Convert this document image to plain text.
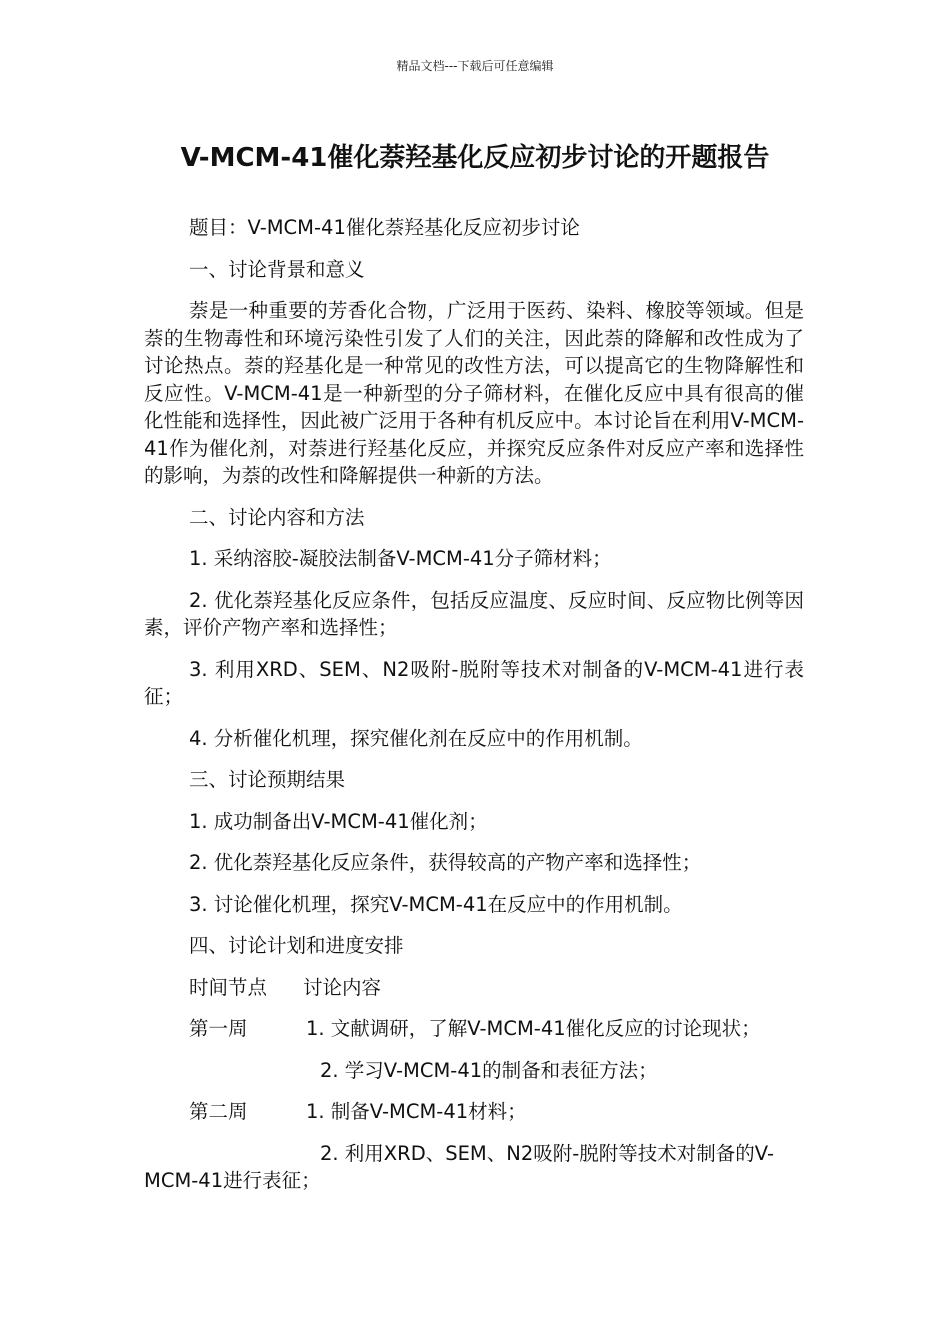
精品文档---下载后可任意编辑
V-MCM-41催化萘羟基化反应初步讨论的开题报告

题目：V-MCM-41催化萘羟基化反应初步讨论

一、讨论背景和意义

萘是一种重要的芳香化合物，广泛用于医药、染料、橡胶等领域。但是萘的生物毒性和环境污染性引发了人们的关注，因此萘的降解和改性成为了讨论热点。萘的羟基化是一种常见的改性方法，可以提高它的生物降解性和反应性。V-MCM-41是一种新型的分子筛材料，在催化反应中具有很高的催化性能和选择性，因此被广泛用于各种有机反应中。本讨论旨在利用V-MCM-41作为催化剂，对萘进行羟基化反应，并探究反应条件对反应产率和选择性的影响，为萘的改性和降解提供一种新的方法。

二、讨论内容和方法

1. 采纳溶胶-凝胶法制备V-MCM-41分子筛材料；

2. 优化萘羟基化反应条件，包括反应温度、反应时间、反应物比例等因素，评价产物产率和选择性；

3. 利用XRD、SEM、N2吸附-脱附等技术对制备的V-MCM-41进行表征；

4. 分析催化机理，探究催化剂在反应中的作用机制。

三、讨论预期结果

1. 成功制备出V-MCM-41催化剂；

2. 优化萘羟基化反应条件，获得较高的产物产率和选择性；

3. 讨论催化机理，探究V-MCM-41在反应中的作用机制。

四、讨论计划和进度安排

时间节点 讨论内容
第一周	1. 文献调研，了解V-MCM-41催化反应的讨论现状；

2. 学习V-MCM-41的制备和表征方法；

第二周	1. 制备V-MCM-41材料；

2. 利用XRD、SEM、N2吸附-脱附等技术对制备的V-MCM-41进行表征；
